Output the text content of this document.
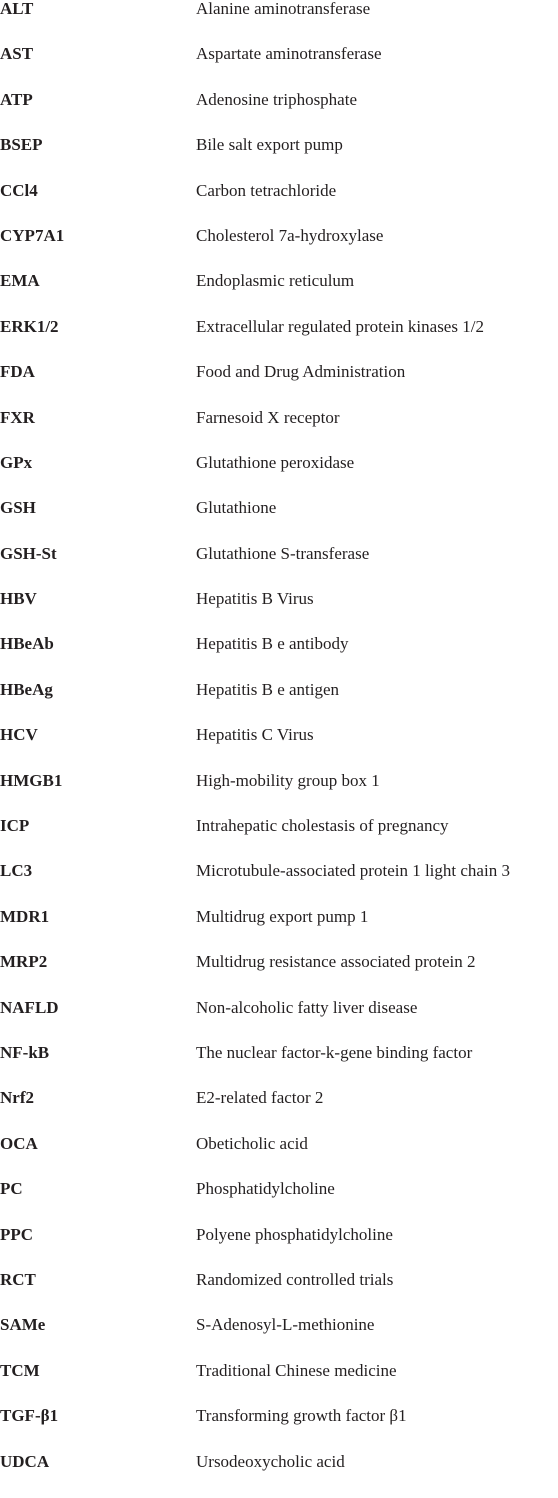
ALT	Alanine aminotransferase
AST	Aspartate aminotransferase
ATP	Adenosine triphosphate
BSEP	Bile salt export pump
CCl4	Carbon tetrachloride
CYP7A1	Cholesterol 7a-hydroxylase
EMA	Endoplasmic reticulum
ERK1/2	Extracellular regulated protein kinases 1/2
FDA	Food and Drug Administration
FXR	Farnesoid X receptor
GPx	Glutathione peroxidase
GSH	Glutathione
GSH-St	Glutathione S-transferase
HBV	Hepatitis B Virus
HBeAb	Hepatitis B e antibody
HBeAg	Hepatitis B e antigen
HCV	Hepatitis C Virus
HMGB1	High-mobility group box 1
ICP	Intrahepatic cholestasis of pregnancy
LC3	Microtubule-associated protein 1 light chain 3
MDR1	Multidrug export pump 1
MRP2	Multidrug resistance associated protein 2
NAFLD	Non-alcoholic fatty liver disease
NF-kB	The nuclear factor-k-gene binding factor
Nrf2	E2-related factor 2
OCA	Obeticholic acid
PC	Phosphatidylcholine
PPC	Polyene phosphatidylcholine
RCT	Randomized controlled trials
SAMe	S-Adenosyl-L-methionine
TCM	Traditional Chinese medicine
TGF-β1	Transforming growth factor β1
UDCA	Ursodeoxycholic acid
